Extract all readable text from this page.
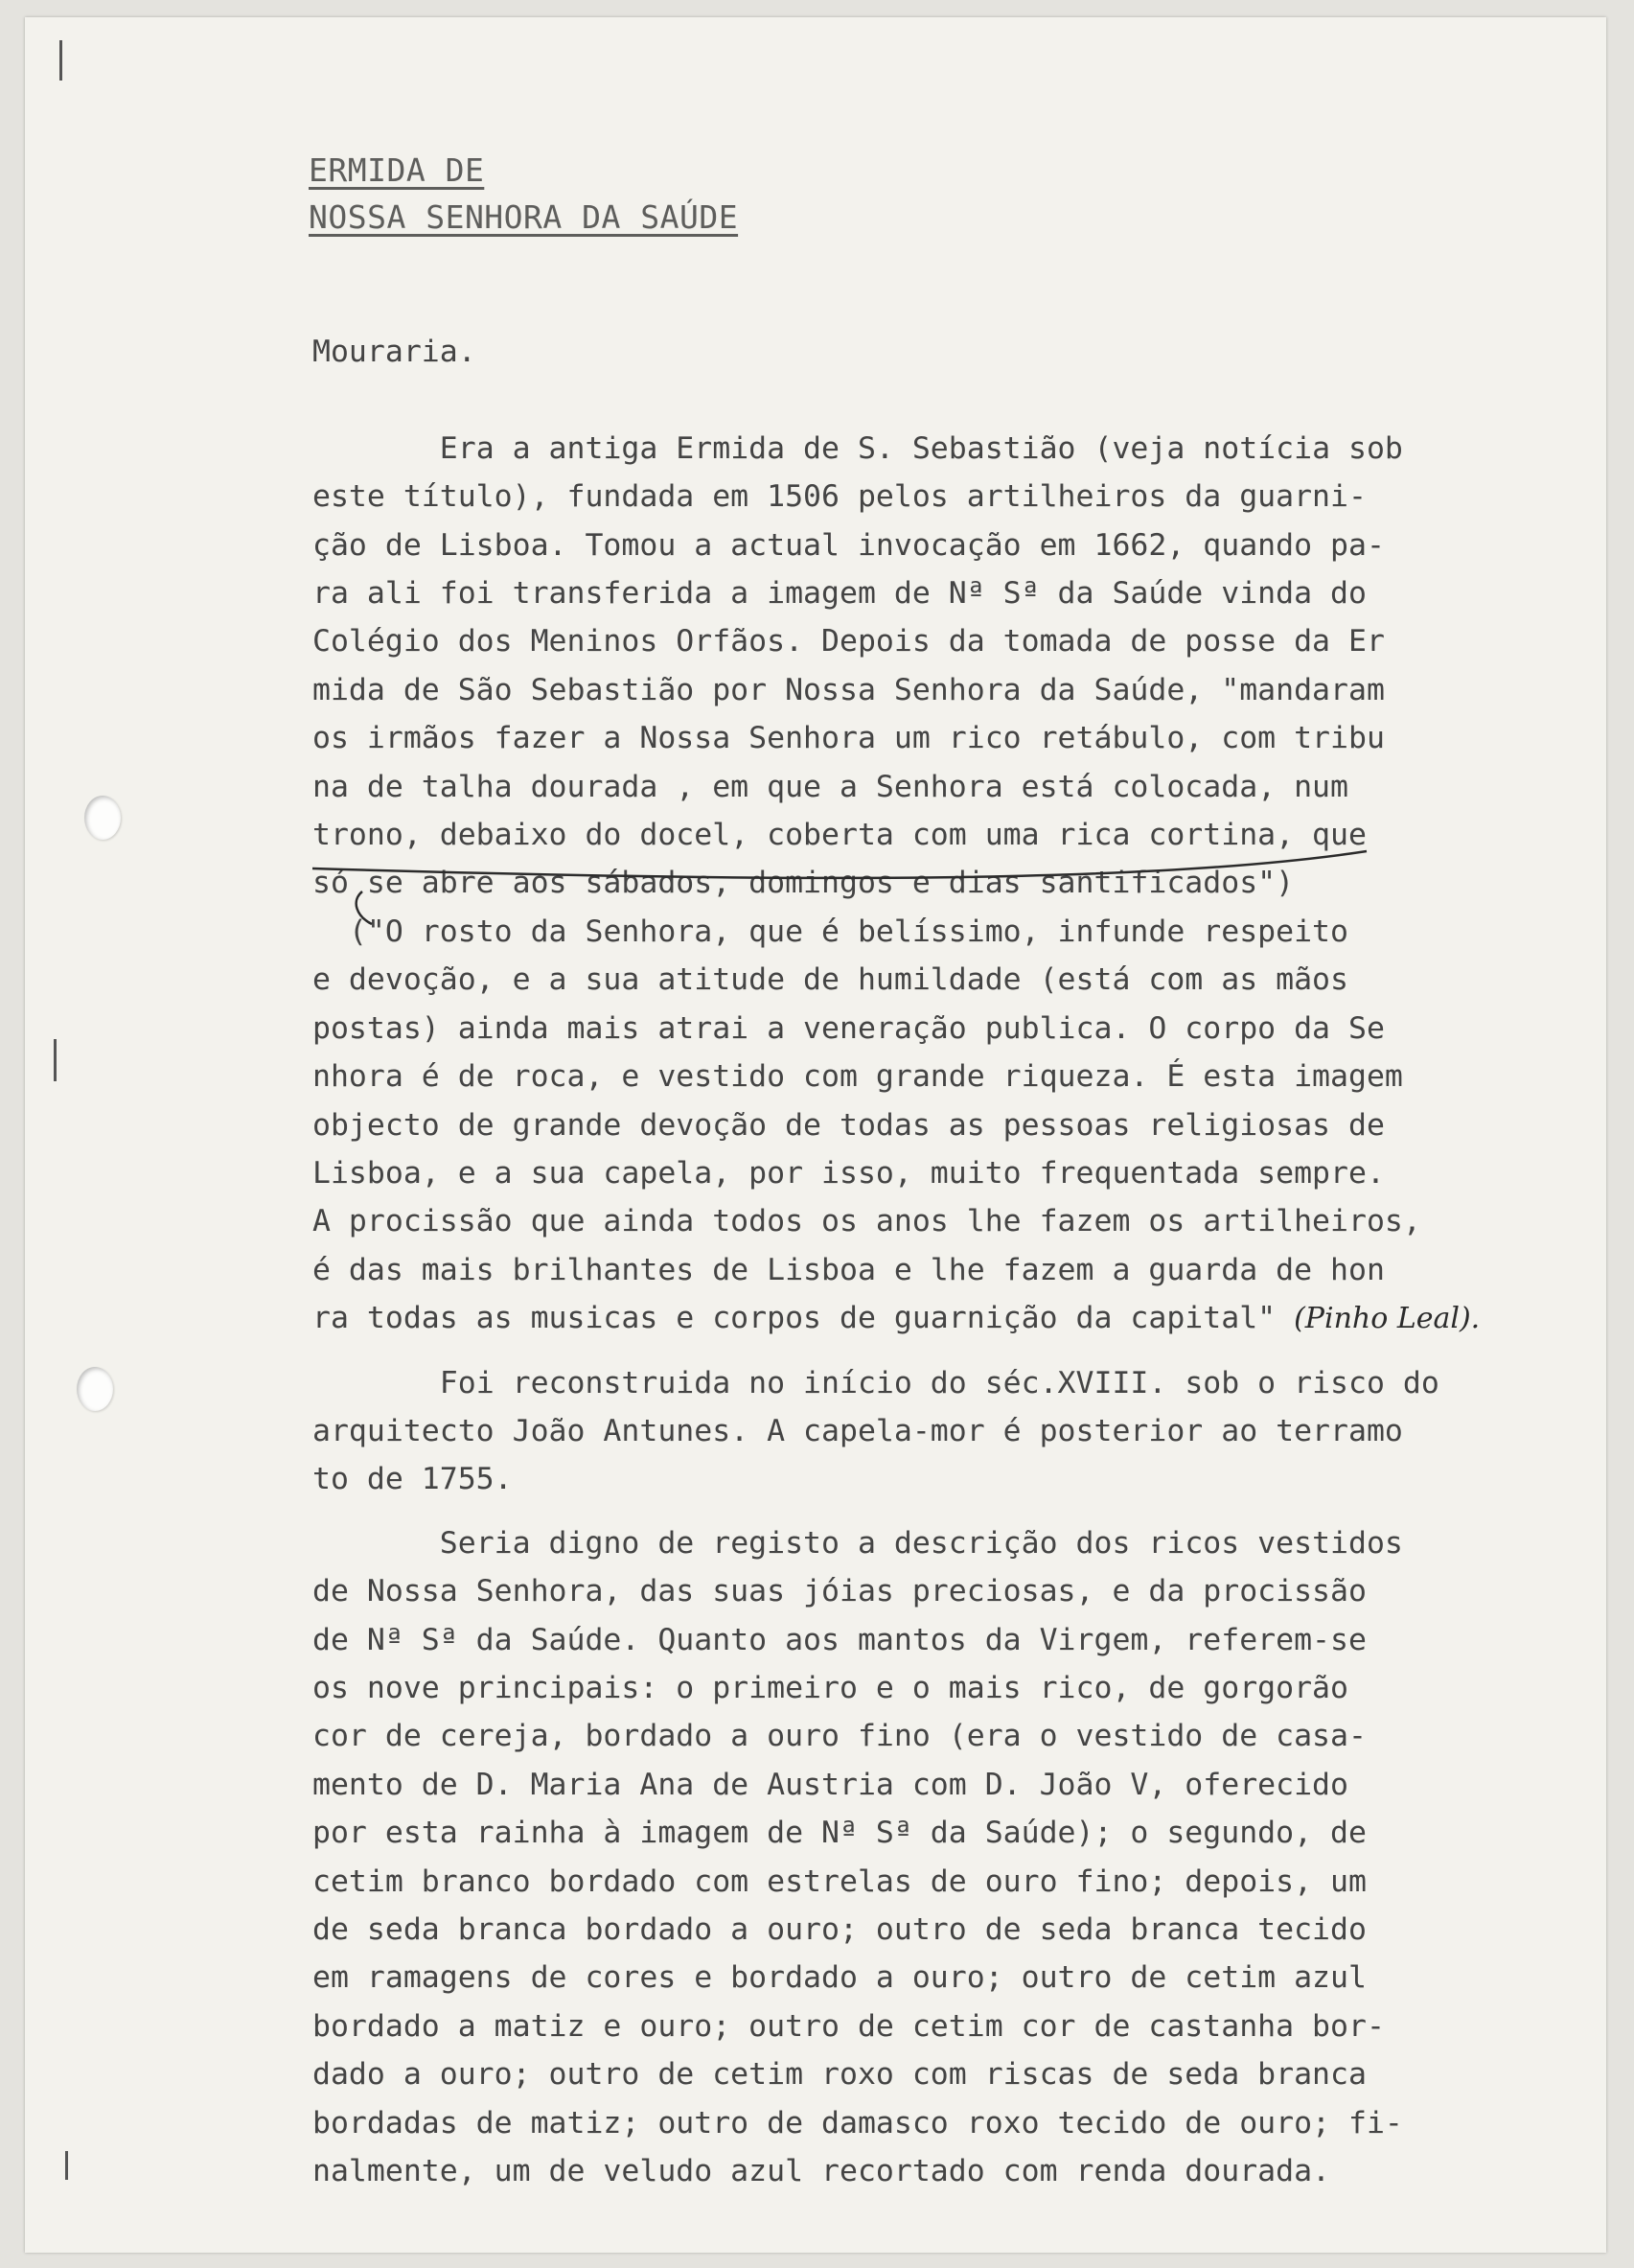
ERMIDA DE
NOSSA SENHORA DA SAÚDE
Mouraria.

Era a antiga Ermida de S. Sebastião (veja notícia sob
este título), fundada em 1506 pelos artilheiros da guarni-
ção de Lisboa. Tomou a actual invocação em 1662, quando pa-
ra ali foi transferida a imagem de Nª Sª da Saúde vinda do
Colégio dos Meninos Orfãos. Depois da tomada de posse da Er
mida de São Sebastião por Nossa Senhora da Saúde, "mandaram
os irmãos fazer a Nossa Senhora um rico retábulo, com tribu
na de talha dourada , em que a Senhora está colocada, num
trono, debaixo do docel, coberta com uma rica cortina, que
só se abre aos sábados, domingos e dias santificados")

("O rosto da Senhora, que é belíssimo, infunde respeito
e devoção, e a sua atitude de humildade (está com as mãos
postas) ainda mais atrai a veneração publica. O corpo da Se
nhora é de roca, e vestido com grande riqueza. É esta imagem
objecto de grande devoção de todas as pessoas religiosas de
Lisboa, e a sua capela, por isso, muito frequentada sempre.
A procissão que ainda todos os anos lhe fazem os artilheiros,
é das mais brilhantes de Lisboa e lhe fazem a guarda de hon
ra todas as musicas e corpos de guarnição da capital" (Pinho Leal).

Foi reconstruida no início do séc.XVIII. sob o risco do
arquitecto João Antunes. A capela-mor é posterior ao terramo
to de 1755.

Seria digno de registo a descrição dos ricos vestidos
de Nossa Senhora, das suas jóias preciosas, e da procissão
de Nª Sª da Saúde. Quanto aos mantos da Virgem, referem-se
os nove principais: o primeiro e o mais rico, de gorgorão
cor de cereja, bordado a ouro fino (era o vestido de casa-
mento de D. Maria Ana de Austria com D. João V, oferecido
por esta rainha à imagem de Nª Sª da Saúde); o segundo, de
cetim branco bordado com estrelas de ouro fino; depois, um
de seda branca bordado a ouro; outro de seda branca tecido
em ramagens de cores e bordado a ouro; outro de cetim azul
bordado a matiz e ouro; outro de cetim cor de castanha bor-
dado a ouro; outro de cetim roxo com riscas de seda branca
bordadas de matiz; outro de damasco roxo tecido de ouro; fi-
nalmente, um de veludo azul recortado com renda dourada.
